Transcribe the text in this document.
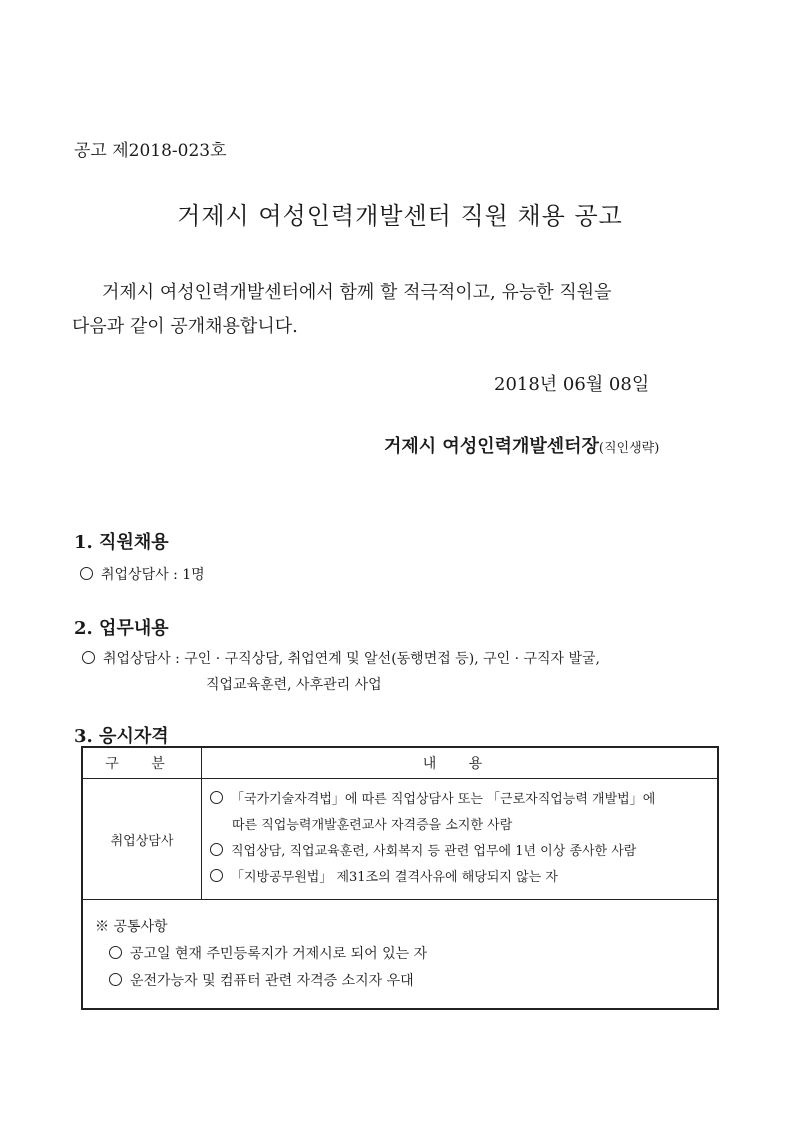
공고 제2018-023호
거제시 여성인력개발센터 직원 채용 공고
거제시 여성인력개발센터에서 함께 할 적극적이고, 유능한 직원을
다음과 같이 공개채용합니다.
2018년 06월 08일
거제시 여성인력개발센터장(직인생략)
1. 직원채용
취업상담사 : 1명
2. 업무내용
취업상담사 : 구인 · 구직상담, 취업연계 및 알선(동행면접 등), 구인 · 구직자 발굴,
직업교육훈련, 사후관리 사업
3. 응시자격
구 분	내 용
취업상담사	「국가기술자격법」에 따른 직업상담사 또는 「근로자직업능력 개발법」에
따른 직업능력개발훈련교사 자격증을 소지한 사람
직업상담, 직업교육훈련, 사회복지 등 관련 업무에 1년 이상 종사한 사람
「지방공무원법」 제31조의 결격사유에 해당되지 않는 자

※ 공통사항
공고일 현재 주민등록지가 거제시로 되어 있는 자
운전가능자 및 컴퓨터 관련 자격증 소지자 우대	
